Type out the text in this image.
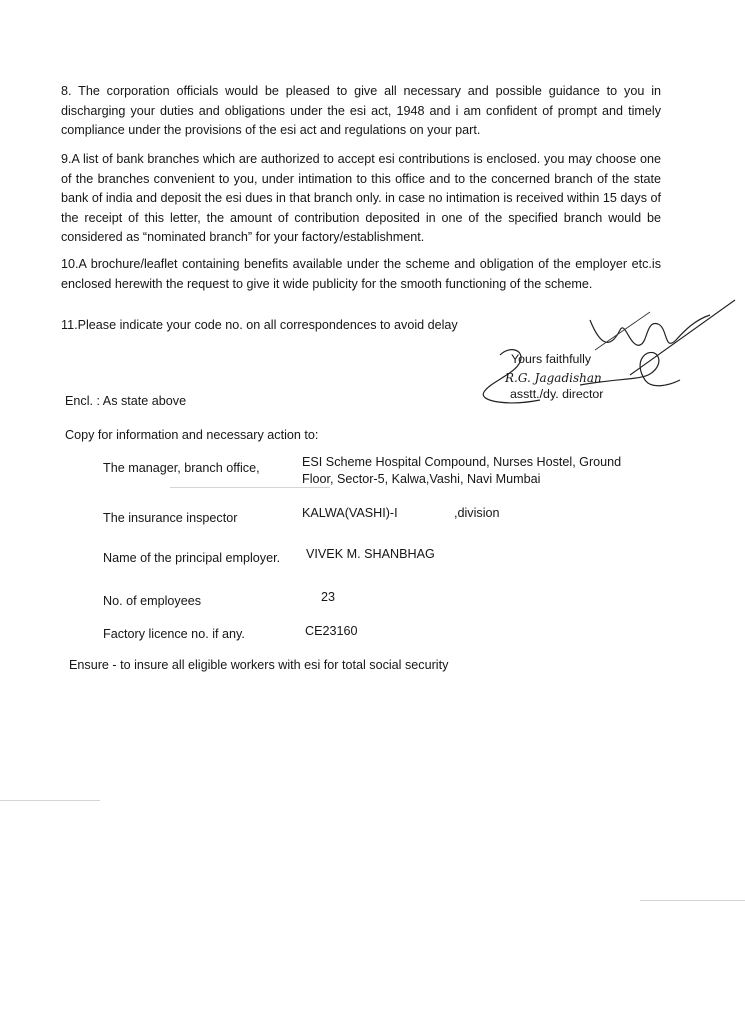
8. The corporation officials would be pleased to give all necessary and possible guidance to you in discharging your duties and obligations under the esi act, 1948 and i am confident of prompt and timely compliance under the provisions of the esi act and regulations on your part.

9.A list of bank branches which are authorized to accept esi contributions is enclosed. you may choose one of the branches convenient to you, under intimation to this office and to the concerned branch of the state bank of india and deposit the esi dues in that branch only. in case no intimation is received within 15 days of the receipt of this letter, the amount of contribution deposited in one of the specified branch would be considered as “nominated branch” for your factory/establishment.

10.A brochure/leaflet containing benefits available under the scheme and obligation of the employer etc.is enclosed herewith the request to give it wide publicity for the smooth functioning of the scheme.

11.Please indicate your code no. on all correspondences to avoid delay

Yours faithfully
R.G. Jagadishan
asstt./dy. director
Encl. : As state above
Copy for information and necessary action to:
The manager, branch office,	ESI Scheme Hospital Compound, Nurses Hostel, Ground
Floor, Sector-5, Kalwa,Vashi, Navi Mumbai
The insurance inspector	KALWA(VASHI)-I	,division
Name of the principal employer. VIVEK M. SHANBHAG
No. of employees	23
Factory licence no. if any.	CE23160
Ensure - to insure all eligible workers with esi for total social security
